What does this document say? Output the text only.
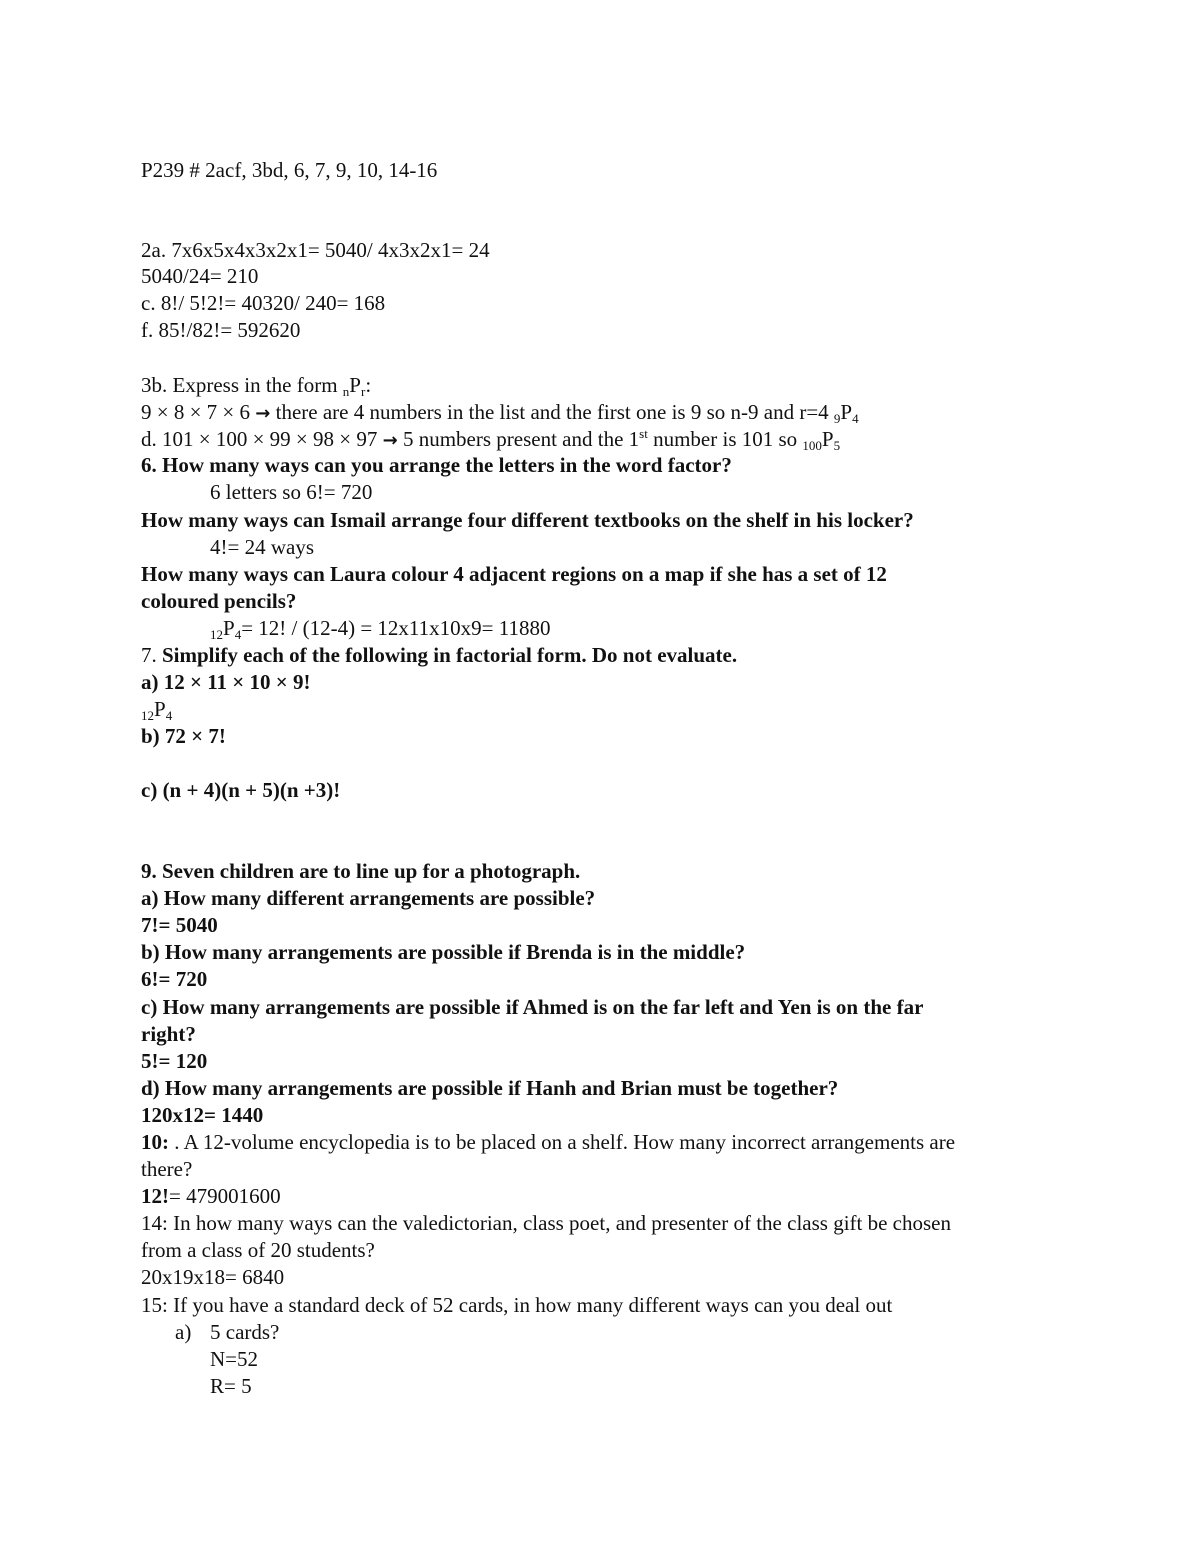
P239 # 2acf, 3bd, 6, 7, 9, 10, 14-16
2a. 7x6x5x4x3x2x1= 5040/ 4x3x2x1= 24
5040/24= 210
c. 8!/ 5!2!= 40320/ 240= 168
f. 85!/82!= 592620
3b. Express in the form $_nP_r$:
9 × 8 × 7 × 6 → there are 4 numbers in the list and the first one is 9 so n-9 and r=4 $_9P_4$
d. 101 × 100 × 99 × 98 × 97 → 5 numbers present and the 1st number is 101 so $_{100}P_5$
6. How many ways can you arrange the letters in the word factor?
6 letters so 6!= 720
How many ways can Ismail arrange four different textbooks on the shelf in his locker?
4!= 24 ways
How many ways can Laura colour 4 adjacent regions on a map if she has a set of 12
coloured pencils?
$_{12}P_4= 12$! / (12-4) = 12x11x10x9= 11880
7. Simplify each of the following in factorial form. Do not evaluate.
a) 12 × 11 × 10 × 9!
$_{12}P_4$
b) 72 × 7!
c) (n + 4)(n + 5)(n +3)!
9. Seven children are to line up for a photograph.
a) How many different arrangements are possible?
7!= 5040
b) How many arrangements are possible if Brenda is in the middle?
6!= 720
c) How many arrangements are possible if Ahmed is on the far left and Yen is on the far
right?
5!= 120
d) How many arrangements are possible if Hanh and Brian must be together?
120x12= 1440
10: . A 12-volume encyclopedia is to be placed on a shelf. How many incorrect arrangements are
there?
12!= 479001600
14: In how many ways can the valedictorian, class poet, and presenter of the class gift be chosen
from a class of 20 students?
20x19x18= 6840
15: If you have a standard deck of 52 cards, in how many different ways can you deal out
a) 5 cards?
N=52
R= 5
